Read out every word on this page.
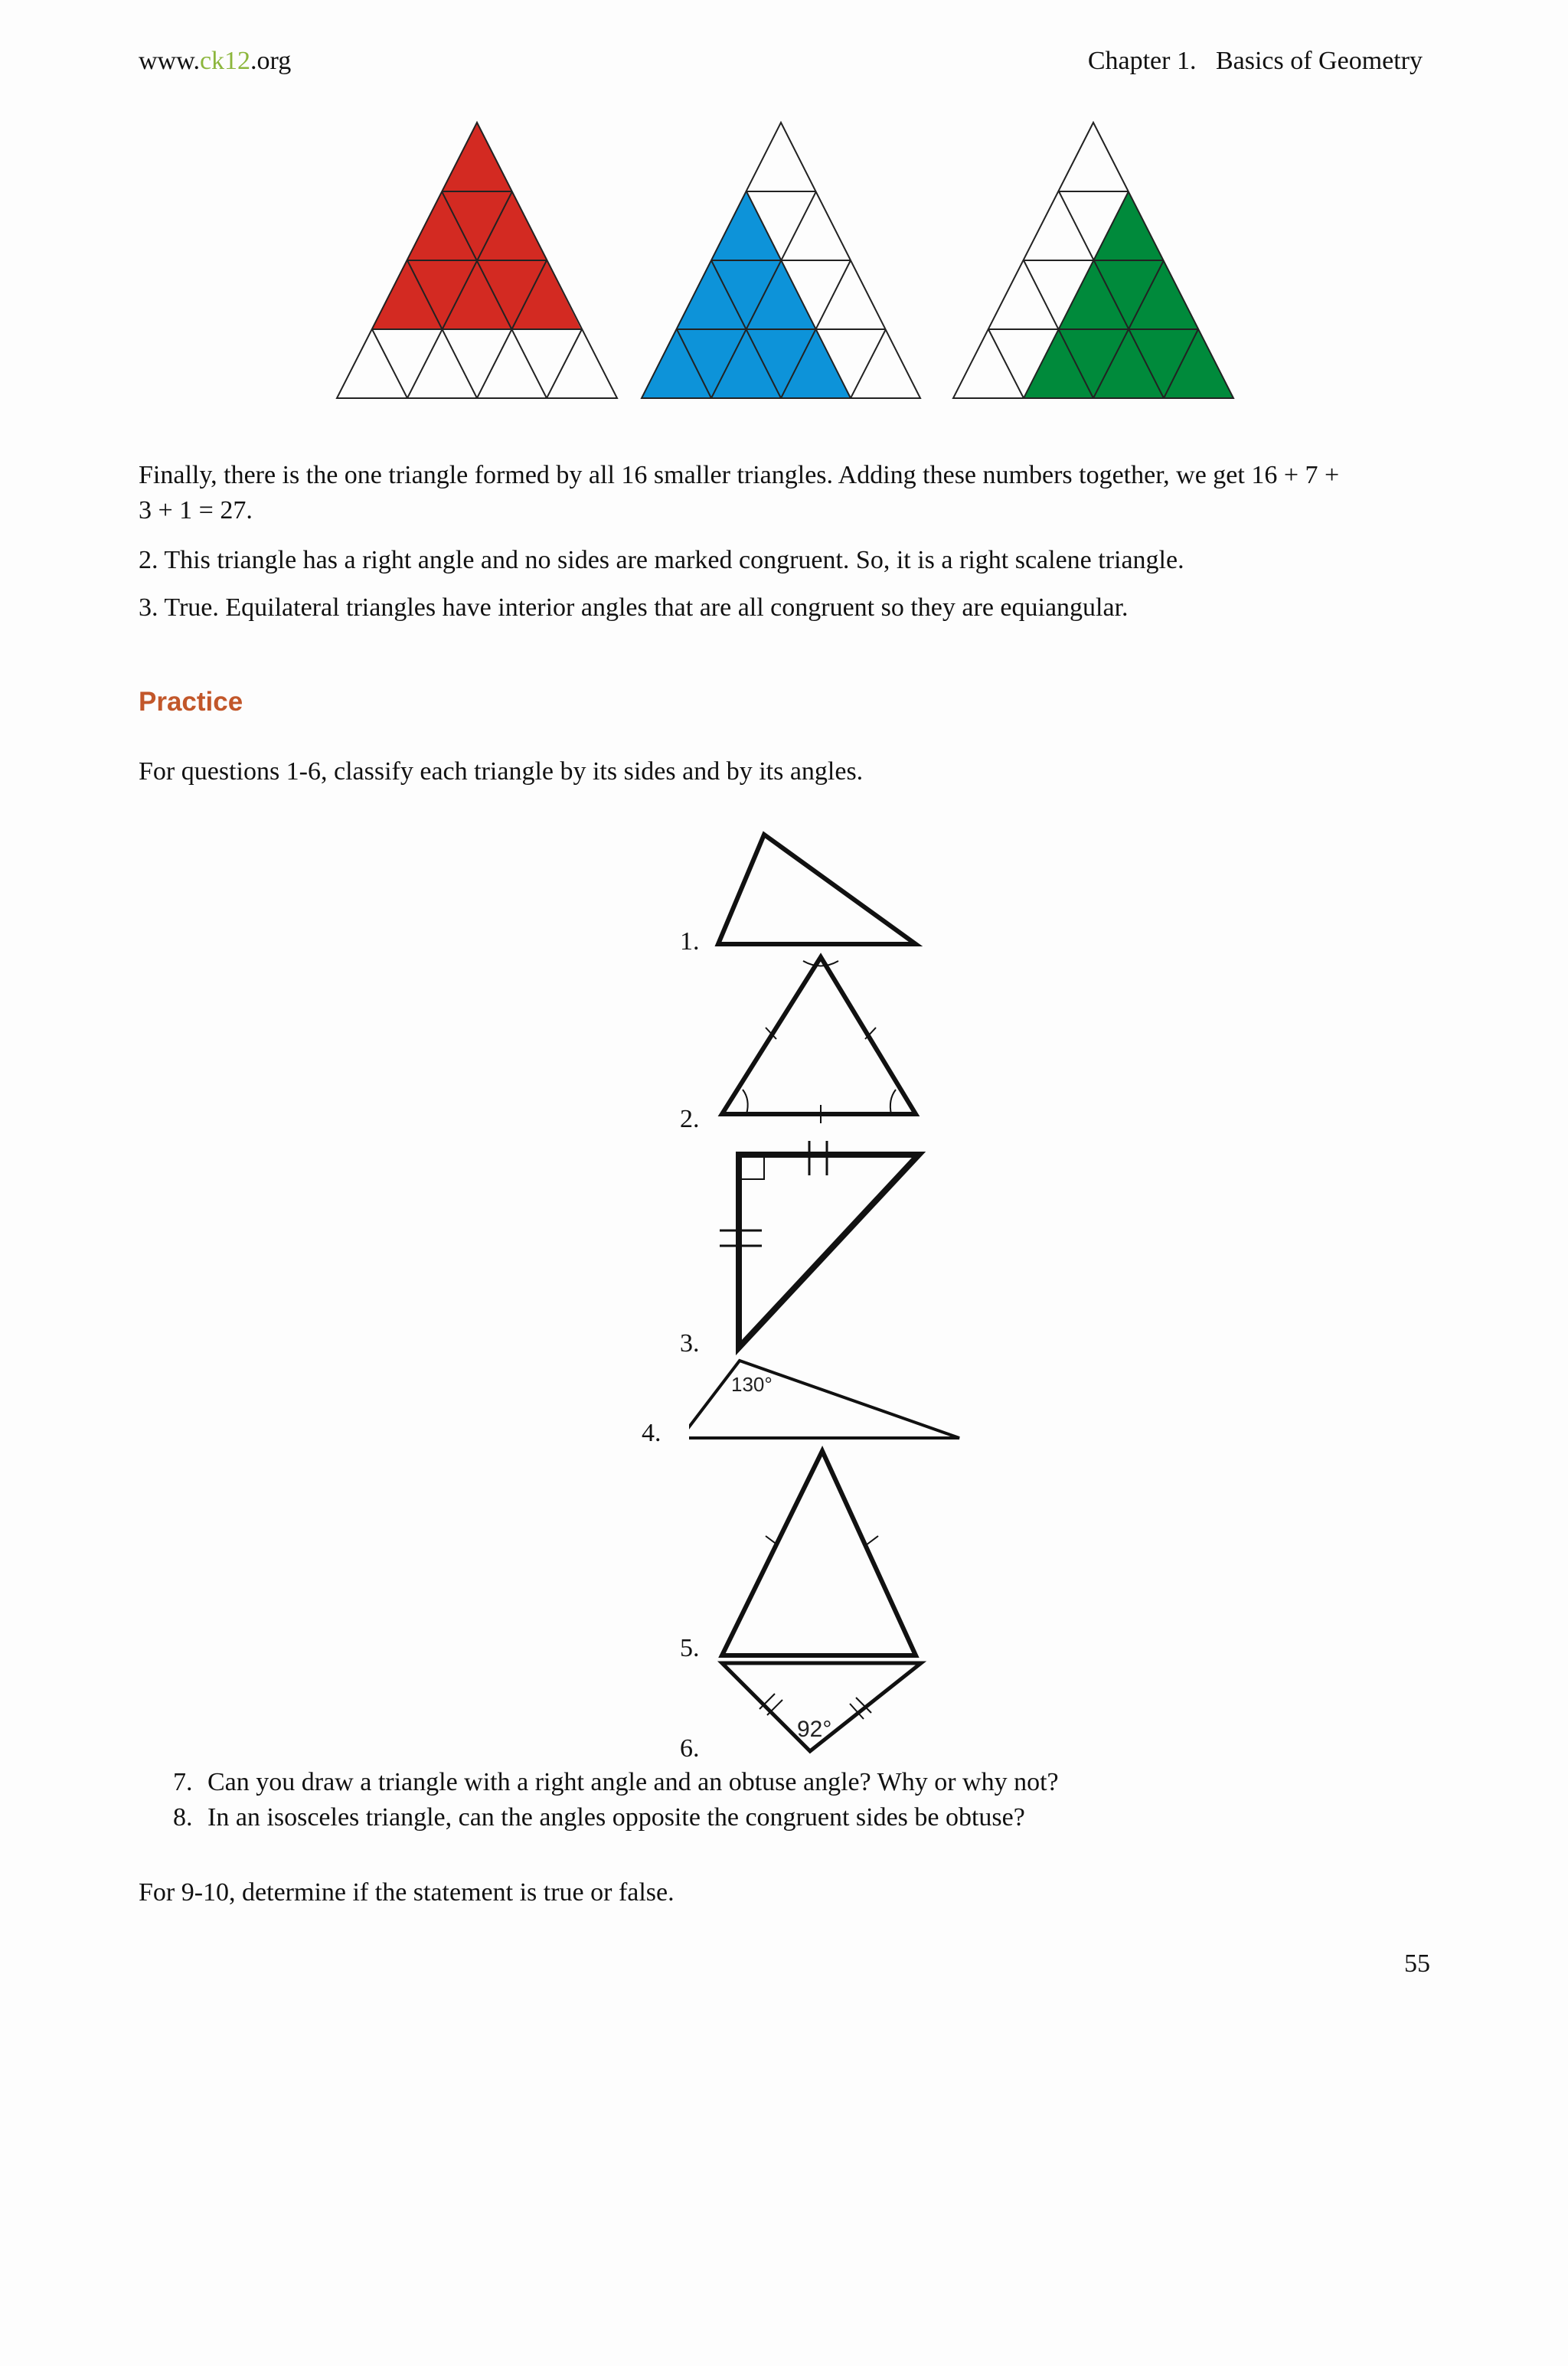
www.ck12.org	Chapter 1.   Basics of Geometry
Finally, there is the one triangle formed by all 16 smaller triangles. Adding these numbers together, we get 16 + 7 +
3 + 1 = 27.
2. This triangle has a right angle and no sides are marked congruent. So, it is a right scalene triangle.
3. True. Equilateral triangles have interior angles that are all congruent so they are equiangular.
Practice
For questions 1-6, classify each triangle by its sides and by its angles.
1.
2.
3.
4.
5.
6.
130°
92°
7. Can you draw a triangle with a right angle and an obtuse angle? Why or why not?
8. In an isosceles triangle, can the angles opposite the congruent sides be obtuse?
For 9-10, determine if the statement is true or false.
55
